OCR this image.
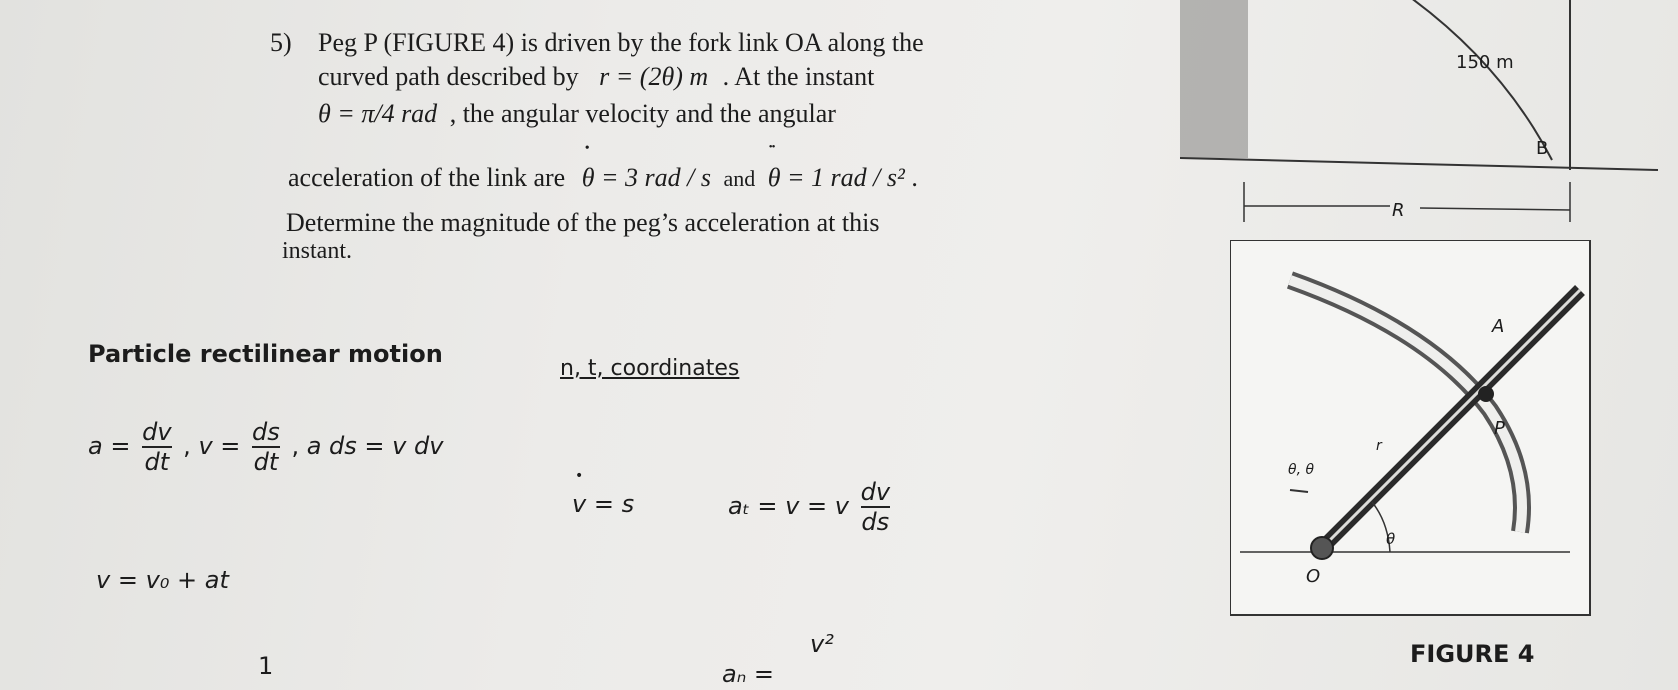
5) Peg P (FIGURE 4) is driven by the fork link OA along the
curved path described by r = (2θ) m . At the instant
θ = π/4 rad , the angular velocity and the angular
acceleration of the link are • θ = 3 rad / s and •• θ = 1 rad / s² .
Determine the magnitude of the peg’s acceleration at this
instant.
Particle rectilinear motion
n, t, coordinates
$a = \frac{dv}{dt}$ , $v = \frac{ds}{dt}$ , a ds = v dv
• v = s	aₜ = v = v $\frac{dv}{ds}$
v = v₀ + at
1	aₙ =
v²
150 m
B
R
A
P
r
θ, θ
θ
O
FIGURE 4
